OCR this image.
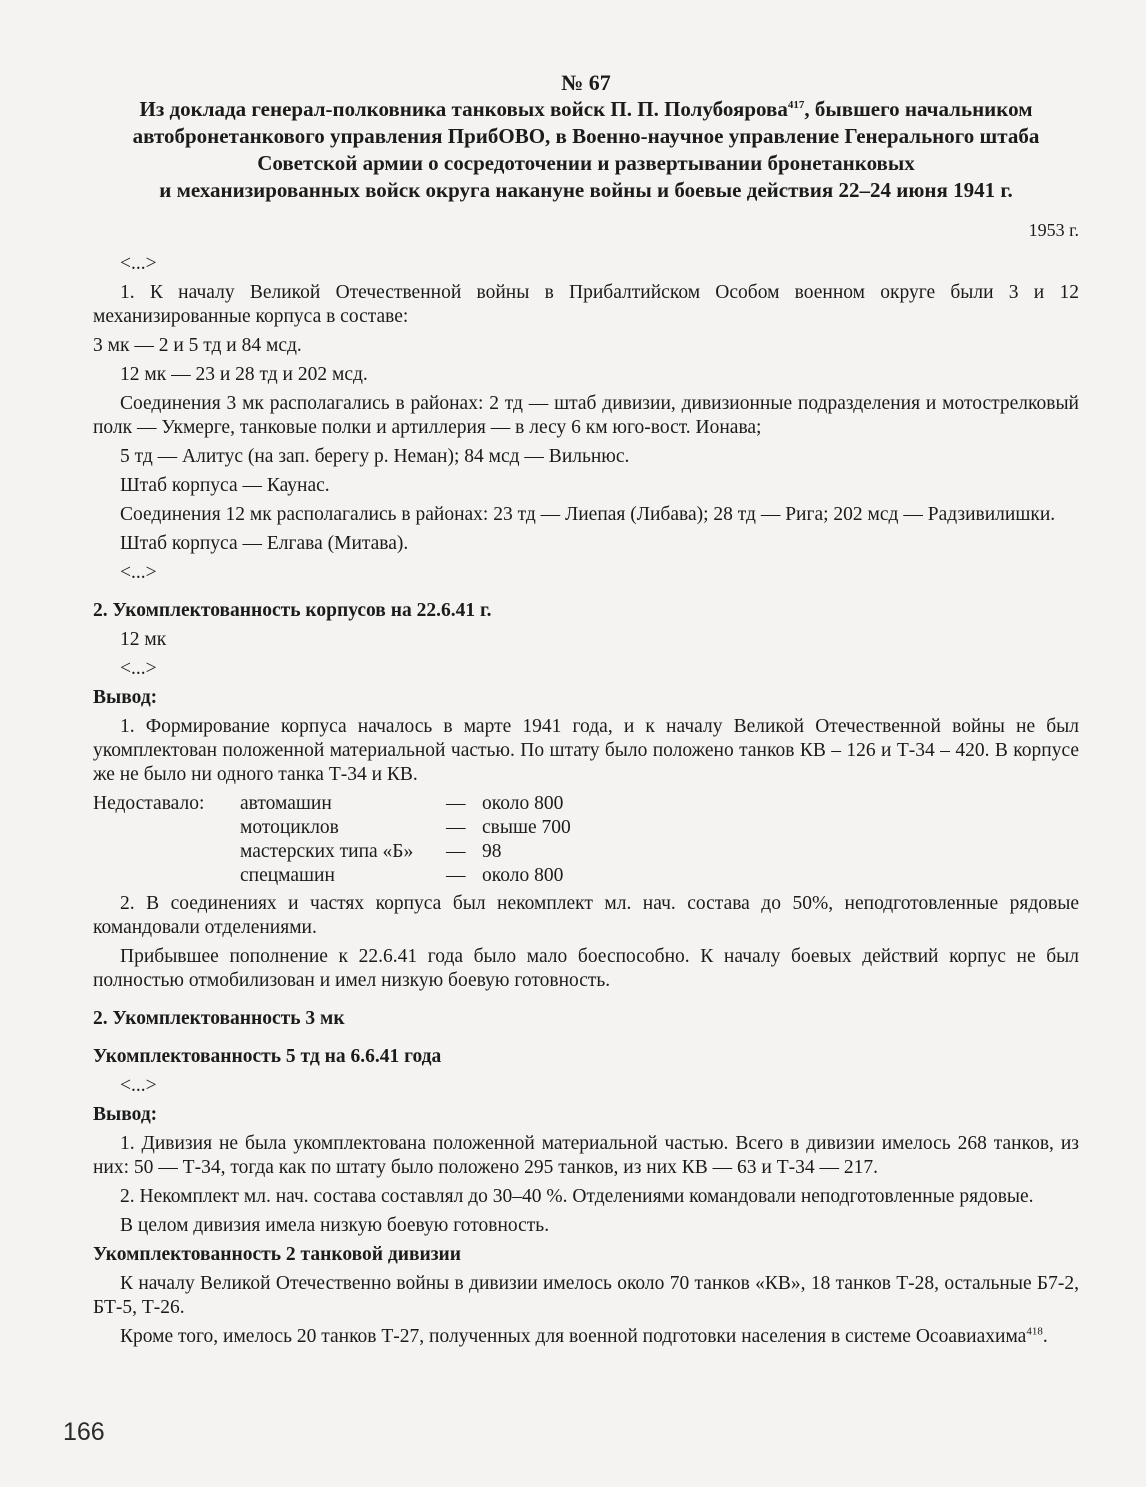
№ 67
Из доклада генерал-полковника танковых войск П. П. Полубоярова$^{417}$, бывшего начальником
автобронетанкового управления ПрибОВО, в Военно-научное управление Генерального штаба
Советской армии о сосредоточении и развертывании бронетанковых
и механизированных войск округа накануне войны и боевые действия 22–24 июня 1941 г.
1953 г.

<...>

1. К началу Великой Отечественной войны в Прибалтийском Особом военном округе были 3 и 12 механизированные корпуса в составе:

3 мк — 2 и 5 тд и 84 мсд.

12 мк — 23 и 28 тд и 202 мсд.

Соединения 3 мк располагались в районах: 2 тд — штаб дивизии, дивизионные подразделения и мотострелковый полк — Укмерге, танковые полки и артиллерия — в лесу 6 км юго-вост. Ионава;

5 тд — Алитус (на зап. берегу р. Неман); 84 мсд — Вильнюс.

Штаб корпуса — Каунас.

Соединения 12 мк располагались в районах: 23 тд — Лиепая (Либава); 28 тд — Рига; 202 мсд — Радзивилишки.

Штаб корпуса — Елгава (Митава).

<...>

2. Укомплектованность корпусов на 22.6.41 г.

12 мк

<...>

Вывод:

1. Формирование корпуса началось в марте 1941 года, и к началу Великой Отечественной войны не был укомплектован положенной материальной частью. По штату было положено танков КВ – 126 и Т-34 – 420. В корпусе же не было ни одного танка Т-34 и КВ.

Недоставало:	автомашин	—	около 800
	мотоциклов	—	свыше 700
	мастерских типа «Б»	—	98
	спецмашин	—	около 800

2. В соединениях и частях корпуса был некомплект мл. нач. состава до 50%, неподготовленные рядовые командовали отделениями.

Прибывшее пополнение к 22.6.41 года было мало боеспособно. К началу боевых действий корпус не был полностью отмобилизован и имел низкую боевую готовность.

2. Укомплектованность 3 мк

Укомплектованность 5 тд на 6.6.41 года

<...>

Вывод:

1. Дивизия не была укомплектована положенной материальной частью. Всего в дивизии имелось 268 танков, из них: 50 — Т-34, тогда как по штату было положено 295 танков, из них КВ — 63 и Т-34 — 217.

2. Некомплект мл. нач. состава составлял до 30–40 %. Отделениями командовали неподготовленные рядовые.

В целом дивизия имела низкую боевую готовность.

Укомплектованность 2 танковой дивизии

К началу Великой Отечественно войны в дивизии имелось около 70 танков «КВ», 18 танков Т-28, остальные Б7-2, БТ-5, Т-26.

Кроме того, имелось 20 танков Т-27, полученных для военной подготовки населения в системе Осоавиахима$^{418}$.

166
